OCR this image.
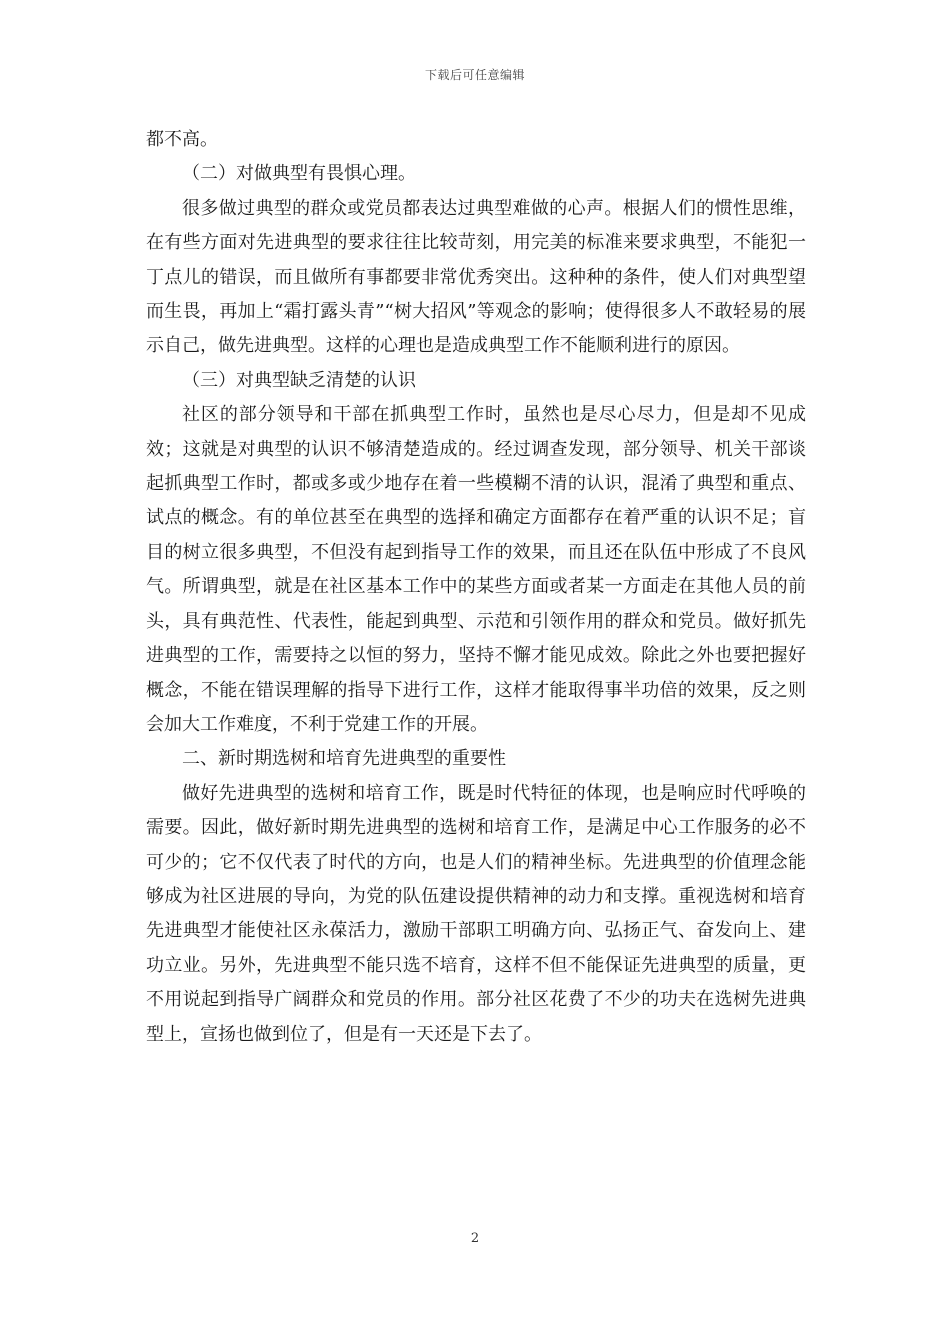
下载后可任意编辑

都不高。

（二）对做典型有畏惧心理。

很多做过典型的群众或党员都表达过典型难做的心声。根据人们的惯性思维，在有些方面对先进典型的要求往往比较苛刻，用完美的标准来要求典型，不能犯一丁点儿的错误，而且做所有事都要非常优秀突出。这种种的条件，使人们对典型望而生畏，再加上“霜打露头青”“树大招风”等观念的影响；使得很多人不敢轻易的展示自己，做先进典型。这样的心理也是造成典型工作不能顺利进行的原因。

（三）对典型缺乏清楚的认识

社区的部分领导和干部在抓典型工作时，虽然也是尽心尽力，但是却不见成效；这就是对典型的认识不够清楚造成的。经过调查发现，部分领导、机关干部谈起抓典型工作时，都或多或少地存在着一些模糊不清的认识，混淆了典型和重点、试点的概念。有的单位甚至在典型的选择和确定方面都存在着严重的认识不足；盲目的树立很多典型，不但没有起到指导工作的效果，而且还在队伍中形成了不良风气。所谓典型，就是在社区基本工作中的某些方面或者某一方面走在其他人员的前头，具有典范性、代表性，能起到典型、示范和引领作用的群众和党员。做好抓先进典型的工作，需要持之以恒的努力，坚持不懈才能见成效。除此之外也要把握好概念，不能在错误理解的指导下进行工作，这样才能取得事半功倍的效果，反之则会加大工作难度，不利于党建工作的开展。

二、新时期选树和培育先进典型的重要性

做好先进典型的选树和培育工作，既是时代特征的体现，也是响应时代呼唤的需要。因此，做好新时期先进典型的选树和培育工作，是满足中心工作服务的必不可少的；它不仅代表了时代的方向，也是人们的精神坐标。先进典型的价值理念能够成为社区进展的导向，为党的队伍建设提供精神的动力和支撑。重视选树和培育先进典型才能使社区永葆活力，激励干部职工明确方向、弘扬正气、奋发向上、建功立业。另外，先进典型不能只选不培育，这样不但不能保证先进典型的质量，更不用说起到指导广阔群众和党员的作用。部分社区花费了不少的功夫在选树先进典型上，宣扬也做到位了，但是有一天还是下去了。

2
